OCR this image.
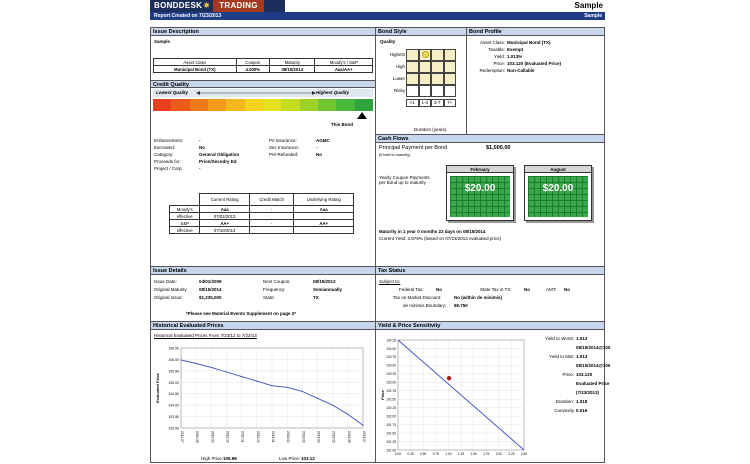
BONDDESK✷ TRADING	Sample
Report Created on 7/23/2013	Sample
Issue Description
Sample
Asset Class	Coupon	Maturity	Moody's / S&P
Municipal Bond (TX)	4.000%	08/15/2014	Aaa/AA+
Credit Quality
Lowest Quality	Highest Quality
This Bond
	Current Rating	Credit Watch	Underlying Rating
Moody's	Aaa	-	Aaa
effective	07/02/2013		
S&P	AA+	-	AA+
effective	07/10/2013		
Enhancement:	-
Escrowed:	No
Category:	General Obligation
Proceeds for:	Prion/Secndry Ed
Project / Corp:	-
Pri Insurance:	AGMC
Sec Insurance:	-
Pre-Refunded:	No
Bond Style
Quality
Highest
High
Lower
Risky
<1	1-3	3-7	7+
Duration (years)
Bond Profile
Asset Class: Municipal Bond (TX)
Taxable: Exempt
Yield: 1.013%
Price: 103.120 (Evaluated Price)
Redemption: Non-Callable
Cash Flows
Principal Payment per Bond	$1,000.00
(if held to maturity)
Yearly Coupon Payments per Bond up to maturity
February
$20.00
August
$20.00
Maturity in 1 year 0 months 22 days on 08/15/2014
Current Yield: 3.879% (based on 07/23/2013 evaluated price)
Issue Details
*Please see Material Events Supplement on page 2*
Issue Date:	04/01/2009
Original Maturity	08/15/2014
Original Issue:	$1,235,000
Next Coupon:	08/15/2013
Frequency:	Semiannually
State:	TX
Tax Status
Subject to:
Federal Tax:	No	State Tax in TX:	No	AMT: No
Tax on Market Discount:	No (within de minimis)
de minimis Boundary: 99.750
Historical Evaluated Prices
Historical Evaluated Prices From 7/23/12 to 7/22/13
106.50
106.00
105.50
105.00
104.50
104.00
103.50
103.00
2012-07	2012-08	2012-09	2012-10	2012-11	2012-12	2013-01	2013-02	2013-03	2013-04	2013-05	2013-06	2013-07
Evaluated Price
High Price: 105.98	Low Price: 103.12
Yield & Price Sensitivity
104.25
104.00
103.75
103.50
103.25
103.00
102.75
102.50
102.25
102.00
101.75
101.50
101.25
101.00
0.00 0.25 0.50 0.75 1.00 1.25 1.50 1.75 2.00 2.25 2.50
Price
Yield to Worst: 1.013
08/15/2014@100
Yield to Mat: 1.013
08/15/2014@100
Price: 103.120
Evaluated Price
(7/23/2013)
Duration: 1.018
Convexity 0.016
